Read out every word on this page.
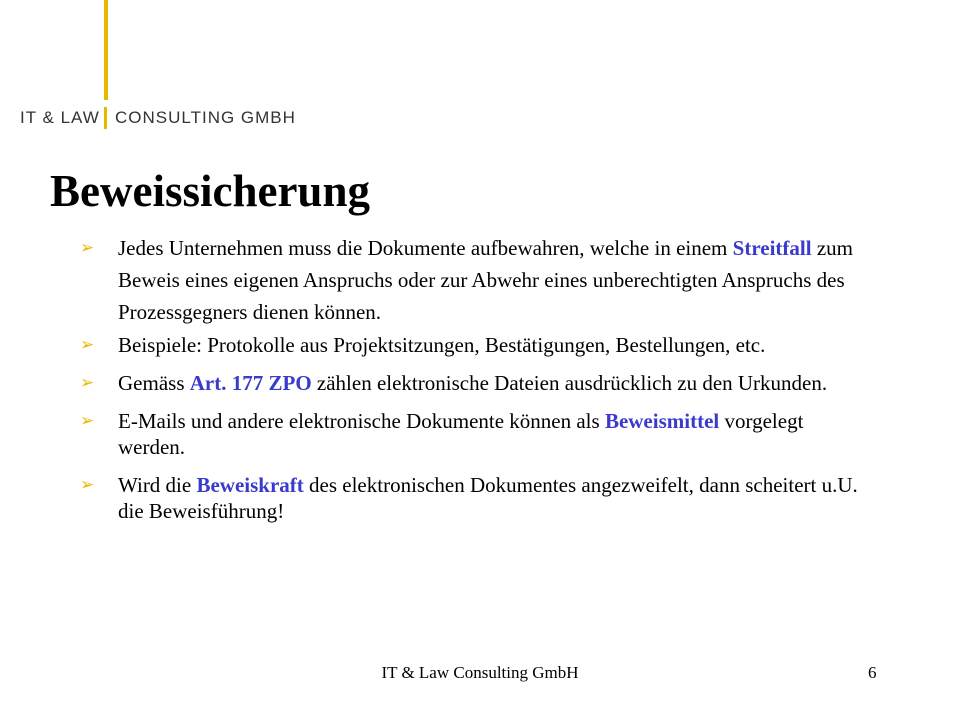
IT & LAW CONSULTING GMBH
Beweissicherung
➢ Jedes Unternehmen muss die Dokumente aufbewahren, welche in einem Streitfall zum Beweis eines eigenen Anspruchs oder zur Abwehr eines unberechtigten Anspruchs des Prozessgegners dienen können.
➢ Beispiele: Protokolle aus Projektsitzungen, Bestätigungen, Bestellungen, etc.
➢ Gemäss Art. 177 ZPO zählen elektronische Dateien ausdrücklich zu den Urkunden.
➢ E-Mails und andere elektronische Dokumente können als Beweismittel vorgelegt werden.
➢ Wird die Beweiskraft des elektronischen Dokumentes angezweifelt, dann scheitert u.U. die Beweisführung!
IT & Law Consulting GmbH	6
